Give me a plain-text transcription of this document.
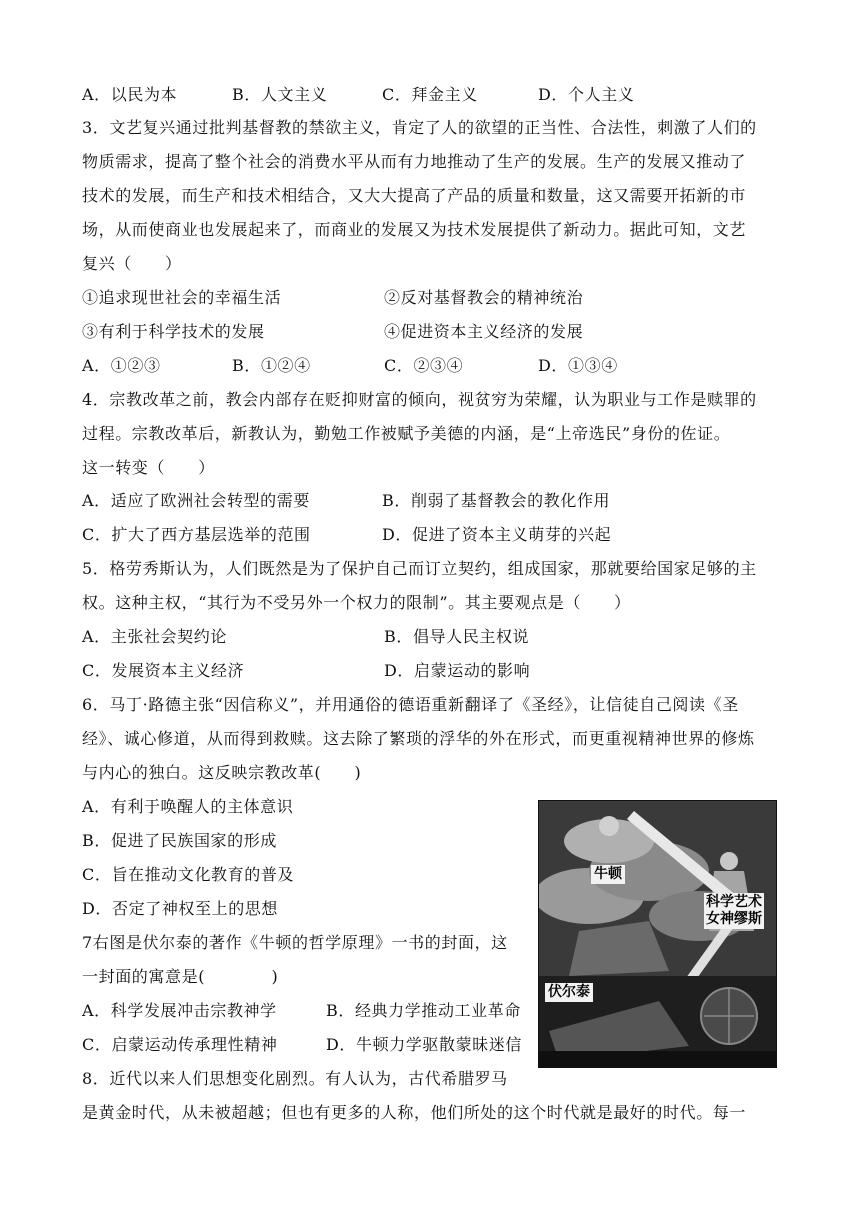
A．以民为本	B．人文主义	C．拜金主义	D．个人主义
3．文艺复兴通过批判基督教的禁欲主义，肯定了人的欲望的正当性、合法性，刺激了人们的
物质需求，提高了整个社会的消费水平从而有力地推动了生产的发展。生产的发展又推动了
技术的发展，而生产和技术相结合，又大大提高了产品的质量和数量，这又需要开拓新的市
场，从而使商业也发展起来了，而商业的发展又为技术发展提供了新动力。据此可知，文艺
复兴（　　）
①追求现世社会的幸福生活	②反对基督教会的精神统治
③有利于科学技术的发展	④促进资本主义经济的发展
A．①②③	B．①②④	C．②③④	D．①③④
4．宗教改革之前，教会内部存在贬抑财富的倾向，视贫穷为荣耀，认为职业与工作是赎罪的
过程。宗教改革后，新教认为，勤勉工作被赋予美德的内涵，是“上帝选民”身份的佐证。
这一转变（　　）
A．适应了欧洲社会转型的需要	B．削弱了基督教会的教化作用
C．扩大了西方基层选举的范围	D．促进了资本主义萌芽的兴起
5．格劳秀斯认为，人们既然是为了保护自己而订立契约，组成国家，那就要给国家足够的主
权。这种主权，“其行为不受另外一个权力的限制”。其主要观点是（　　）
A．主张社会契约论	B．倡导人民主权说
C．发展资本主义经济	D．启蒙运动的影响
6．马丁·路德主张“因信称义”，并用通俗的德语重新翻译了《圣经》，让信徒自己阅读《圣
经》、诚心修道，从而得到救赎。这去除了繁琐的浮华的外在形式，而更重视精神世界的修炼
与内心的独白。这反映宗教改革(　　)
A．有利于唤醒人的主体意识
B．促进了民族国家的形成
C．旨在推动文化教育的普及
D．否定了神权至上的思想
7右图是伏尔泰的著作《牛顿的哲学原理》一书的封面，这
一封面的寓意是(　　　　)
A．科学发展冲击宗教神学	B．经典力学推动工业革命
C．启蒙运动传承理性精神	D．牛顿力学驱散蒙昧迷信
8．近代以来人们思想变化剧烈。有人认为，古代希腊罗马
是黄金时代，从未被超越；但也有更多的人称，他们所处的这个时代就是最好的时代。每一
牛顿
科学艺术
女神缪斯
伏尔泰
